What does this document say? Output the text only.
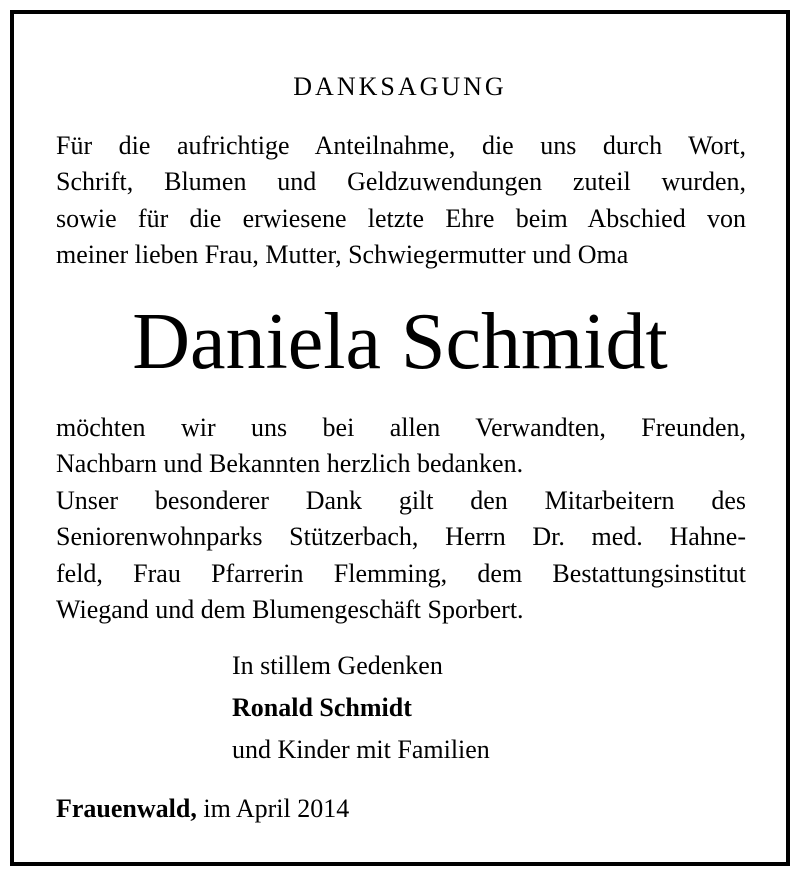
DANKSAGUNG
Für die aufrichtige Anteilnahme, die uns durch Wort,
Schrift, Blumen und Geldzuwendungen zuteil wurden,
sowie für die erwiesene letzte Ehre beim Abschied von
meiner lieben Frau, Mutter, Schwiegermutter und Oma
Daniela Schmidt
möchten wir uns bei allen Verwandten, Freunden,
Nachbarn und Bekannten herzlich bedanken.
Unser besonderer Dank gilt den Mitarbeitern des
Seniorenwohnparks Stützerbach, Herrn Dr. med. Hahne-
feld, Frau Pfarrerin Flemming, dem Bestattungsinstitut
Wiegand und dem Blumengeschäft Sporbert.
In stillem Gedenken
Ronald Schmidt
und Kinder mit Familien
Frauenwald, im April 2014
